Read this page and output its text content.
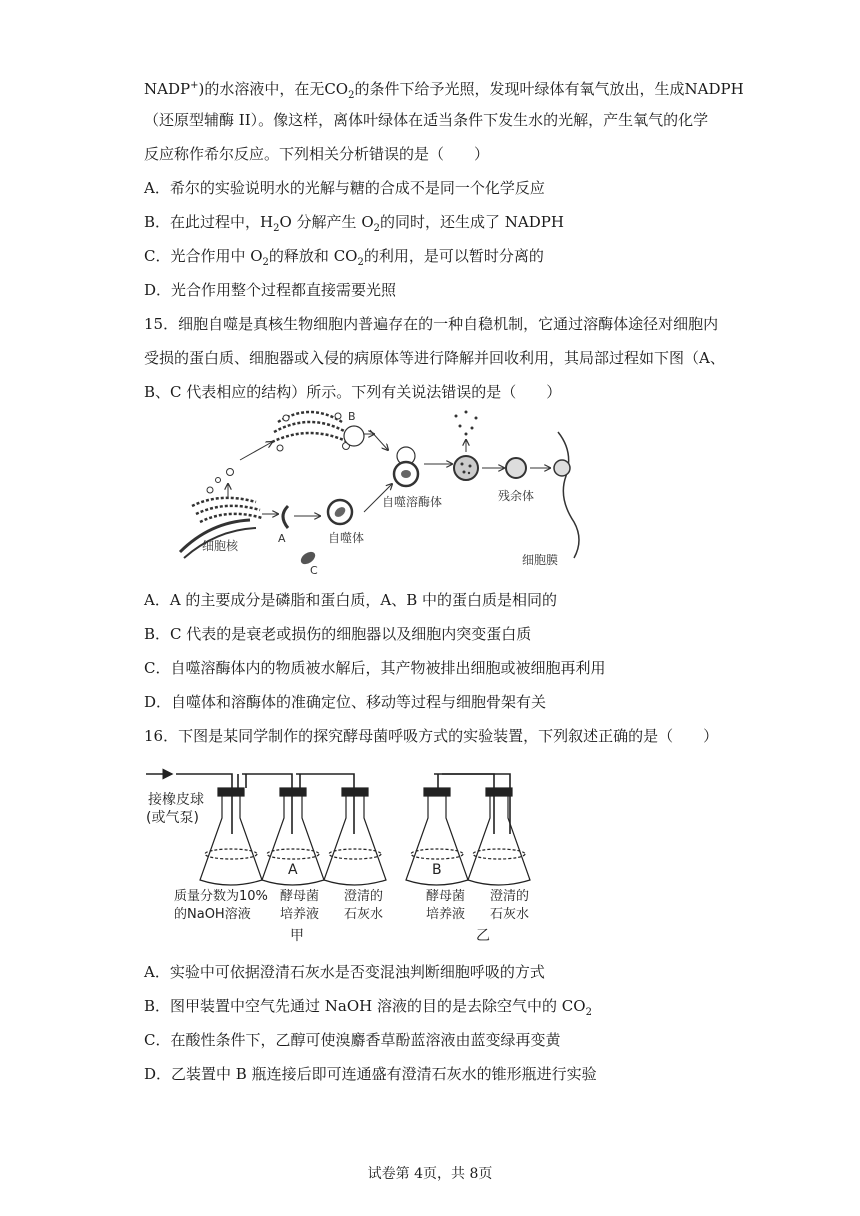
NADP+)的水溶液中，在无$CO_2$的条件下给予光照，发现叶绿体有氧气放出，生成NADPH
（还原型辅酶 II）。像这样，离体叶绿体在适当条件下发生水的光解，产生氧气的化学
反应称作希尔反应。下列相关分析错误的是（　　）
A．希尔的实验说明水的光解与糖的合成不是同一个化学反应
B．在此过程中，$H_2O$ 分解产生 $O_2$的同时，还生成了 NADPH
C．光合作用中 $O_2$的释放和 $CO_2$的利用，是可以暂时分离的
D．光合作用整个过程都直接需要光照
15．细胞自噬是真核生物细胞内普遍存在的一种自稳机制，它通过溶酶体途径对细胞内
受损的蛋白质、细胞器或入侵的病原体等进行降解并回收利用，其局部过程如下图（A、
B、C 代表相应的结构）所示。下列有关说法错误的是（　　）
B
A
C
自噬体
自噬溶酶体	残余体
细胞膜
细胞核
A．A 的主要成分是磷脂和蛋白质，A、B 中的蛋白质是相同的
B．C 代表的是衰老或损伤的细胞器以及细胞内突变蛋白质
C．自噬溶酶体内的物质被水解后，其产物被排出细胞或被细胞再利用
D．自噬体和溶酶体的准确定位、移动等过程与细胞骨架有关
16．下图是某同学制作的探究酵母菌呼吸方式的实验装置，下列叙述正确的是（　　）
接橡皮球
(或气泵)
A	B
质量分数为10%
的NaOH溶液
酵母菌
培养液
澄清的
石灰水
酵母菌
培养液
澄清的
石灰水
甲	乙
A．实验中可依据澄清石灰水是否变混浊判断细胞呼吸的方式
B．图甲装置中空气先通过 NaOH 溶液的目的是去除空气中的 $CO_2$
C．在酸性条件下，乙醇可使溴麝香草酚蓝溶液由蓝变绿再变黄
D．乙装置中 B 瓶连接后即可连通盛有澄清石灰水的锥形瓶进行实验
试卷第 4页，共 8页
